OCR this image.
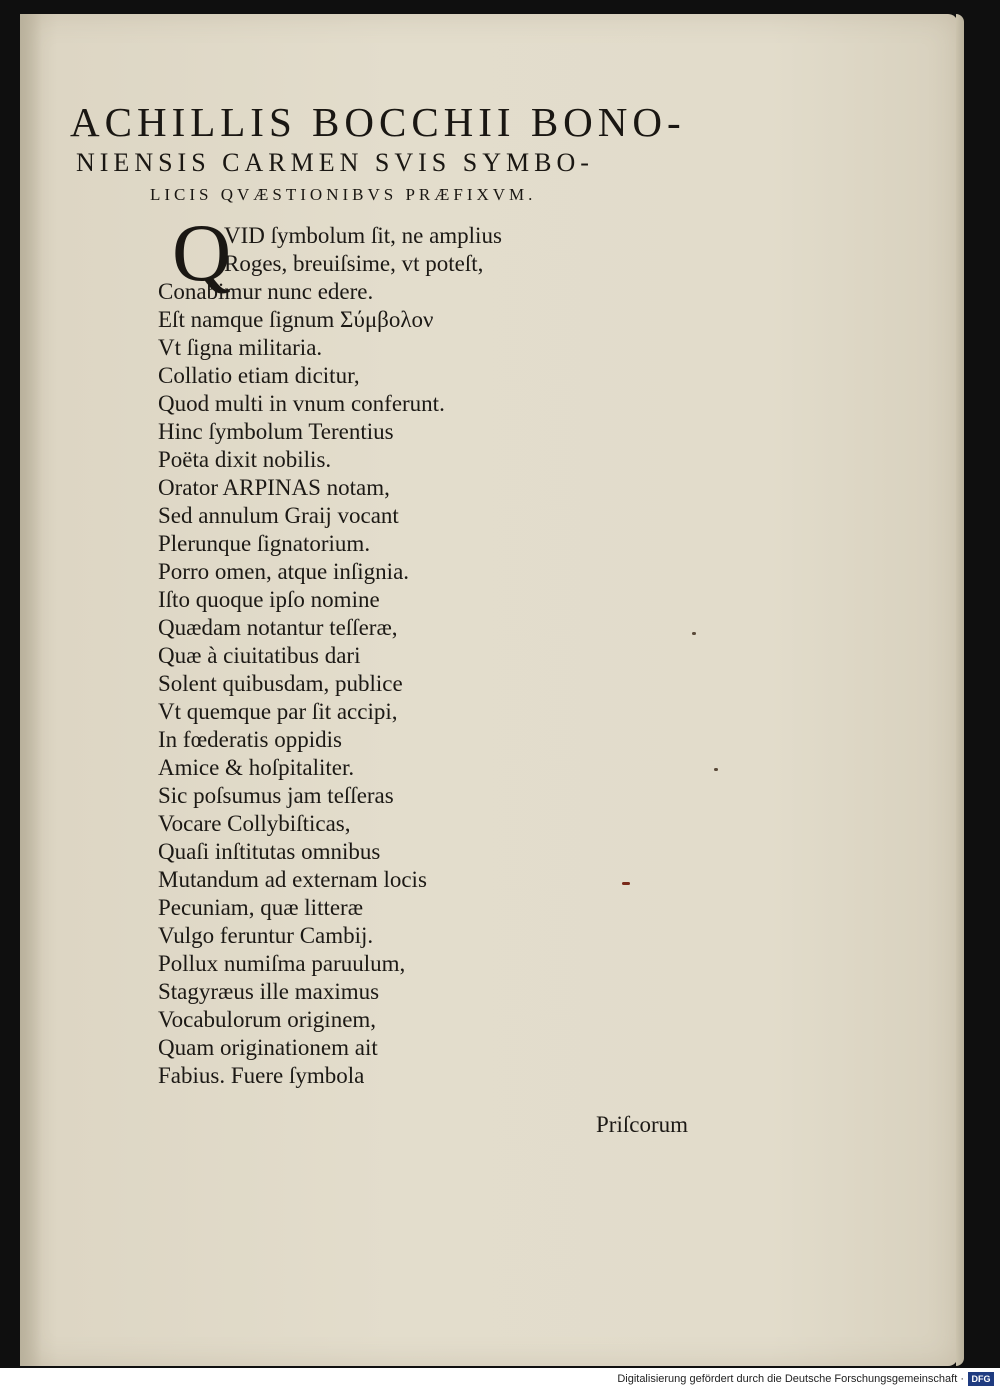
ACHILLIS BOCCHII BONO-
NIENSIS CARMEN SVIS SYMBO-
LICIS QVÆSTIONIBVS PRÆFIXVM.
Q
VID ſymbolum ſit, ne amplius
Roges, breuiſsime, vt poteſt,
Conabimur nunc edere.
Eſt namque ſignum Σύμβολον
Vt ſigna militaria.
Collatio etiam dicitur,
Quod multi in vnum conferunt.
Hinc ſymbolum Terentius
Poëta dixit nobilis.
Orator ARPINAS notam,
Sed annulum Graij vocant
Plerunque ſignatorium.
Porro omen, atque inſignia.
Iſto quoque ipſo nomine
Quædam notantur teſſeræ,
Quæ à ciuitatibus dari
Solent quibusdam, publice
Vt quemque par ſit accipi,
In fœderatis oppidis
Amice & hoſpitaliter.
Sic poſsumus jam teſſeras
Vocare Collybiſticas,
Quaſi inſtitutas omnibus
Mutandum ad externam locis
Pecuniam, quæ litteræ
Vulgo feruntur Cambij.
Pollux numiſma paruulum,
Stagyræus ille maximus
Vocabulorum originem,
Quam originationem ait
Fabius. Fuere ſymbola
Priſcorum
Digitalisierung gefördert durch die Deutsche Forschungsgemeinschaft · DFG
